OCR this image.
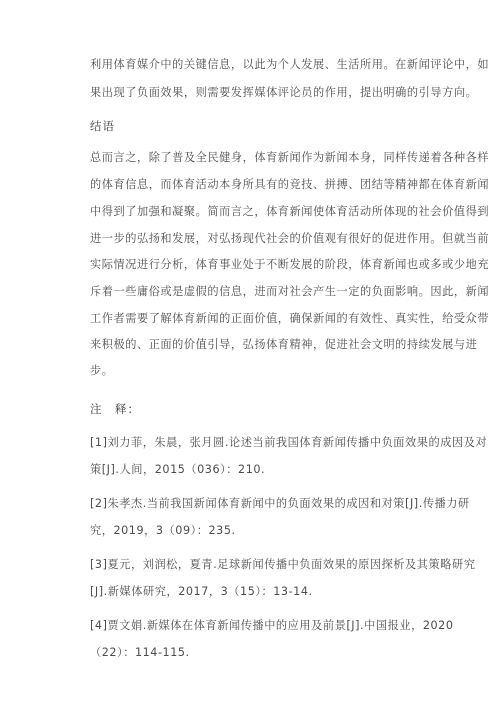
利用体育媒介中的关键信息，以此为个人发展、生活所用。在新闻评论中，如
果出现了负面效果，则需要发挥媒体评论员的作用，提出明确的引导方向。
结语
总而言之，除了普及全民健身，体育新闻作为新闻本身，同样传递着各种各样
的体育信息，而体育活动本身所具有的竞技、拼搏、团结等精神都在体育新闻
中得到了加强和凝聚。简而言之，体育新闻使体育活动所体现的社会价值得到
进一步的弘扬和发展，对弘扬现代社会的价值观有很好的促进作用。但就当前
实际情况进行分析，体育事业处于不断发展的阶段，体育新闻也或多或少地充
斥着一些庸俗或是虚假的信息，进而对社会产生一定的负面影响。因此，新闻
工作者需要了解体育新闻的正面价值，确保新闻的有效性、真实性，给受众带
来积极的、正面的价值引导，弘扬体育精神，促进社会文明的持续发展与进
步。
注　释：
[1]刘力菲，朱晨，张月圆.论述当前我国体育新闻传播中负面效果的成因及对
策[J].人间，2015（036）：210.
[2]朱孝杰.当前我国新闻体育新闻中的负面效果的成因和对策[J].传播力研
究，2019，3（09）：235.
[3]夏元，刘润松，夏青.足球新闻传播中负面效果的原因探析及其策略研究
[J].新媒体研究，2017，3（15）：13-14.
[4]贾文娟.新媒体在体育新闻传播中的应用及前景[J].中国报业，2020
（22）：114-115.
